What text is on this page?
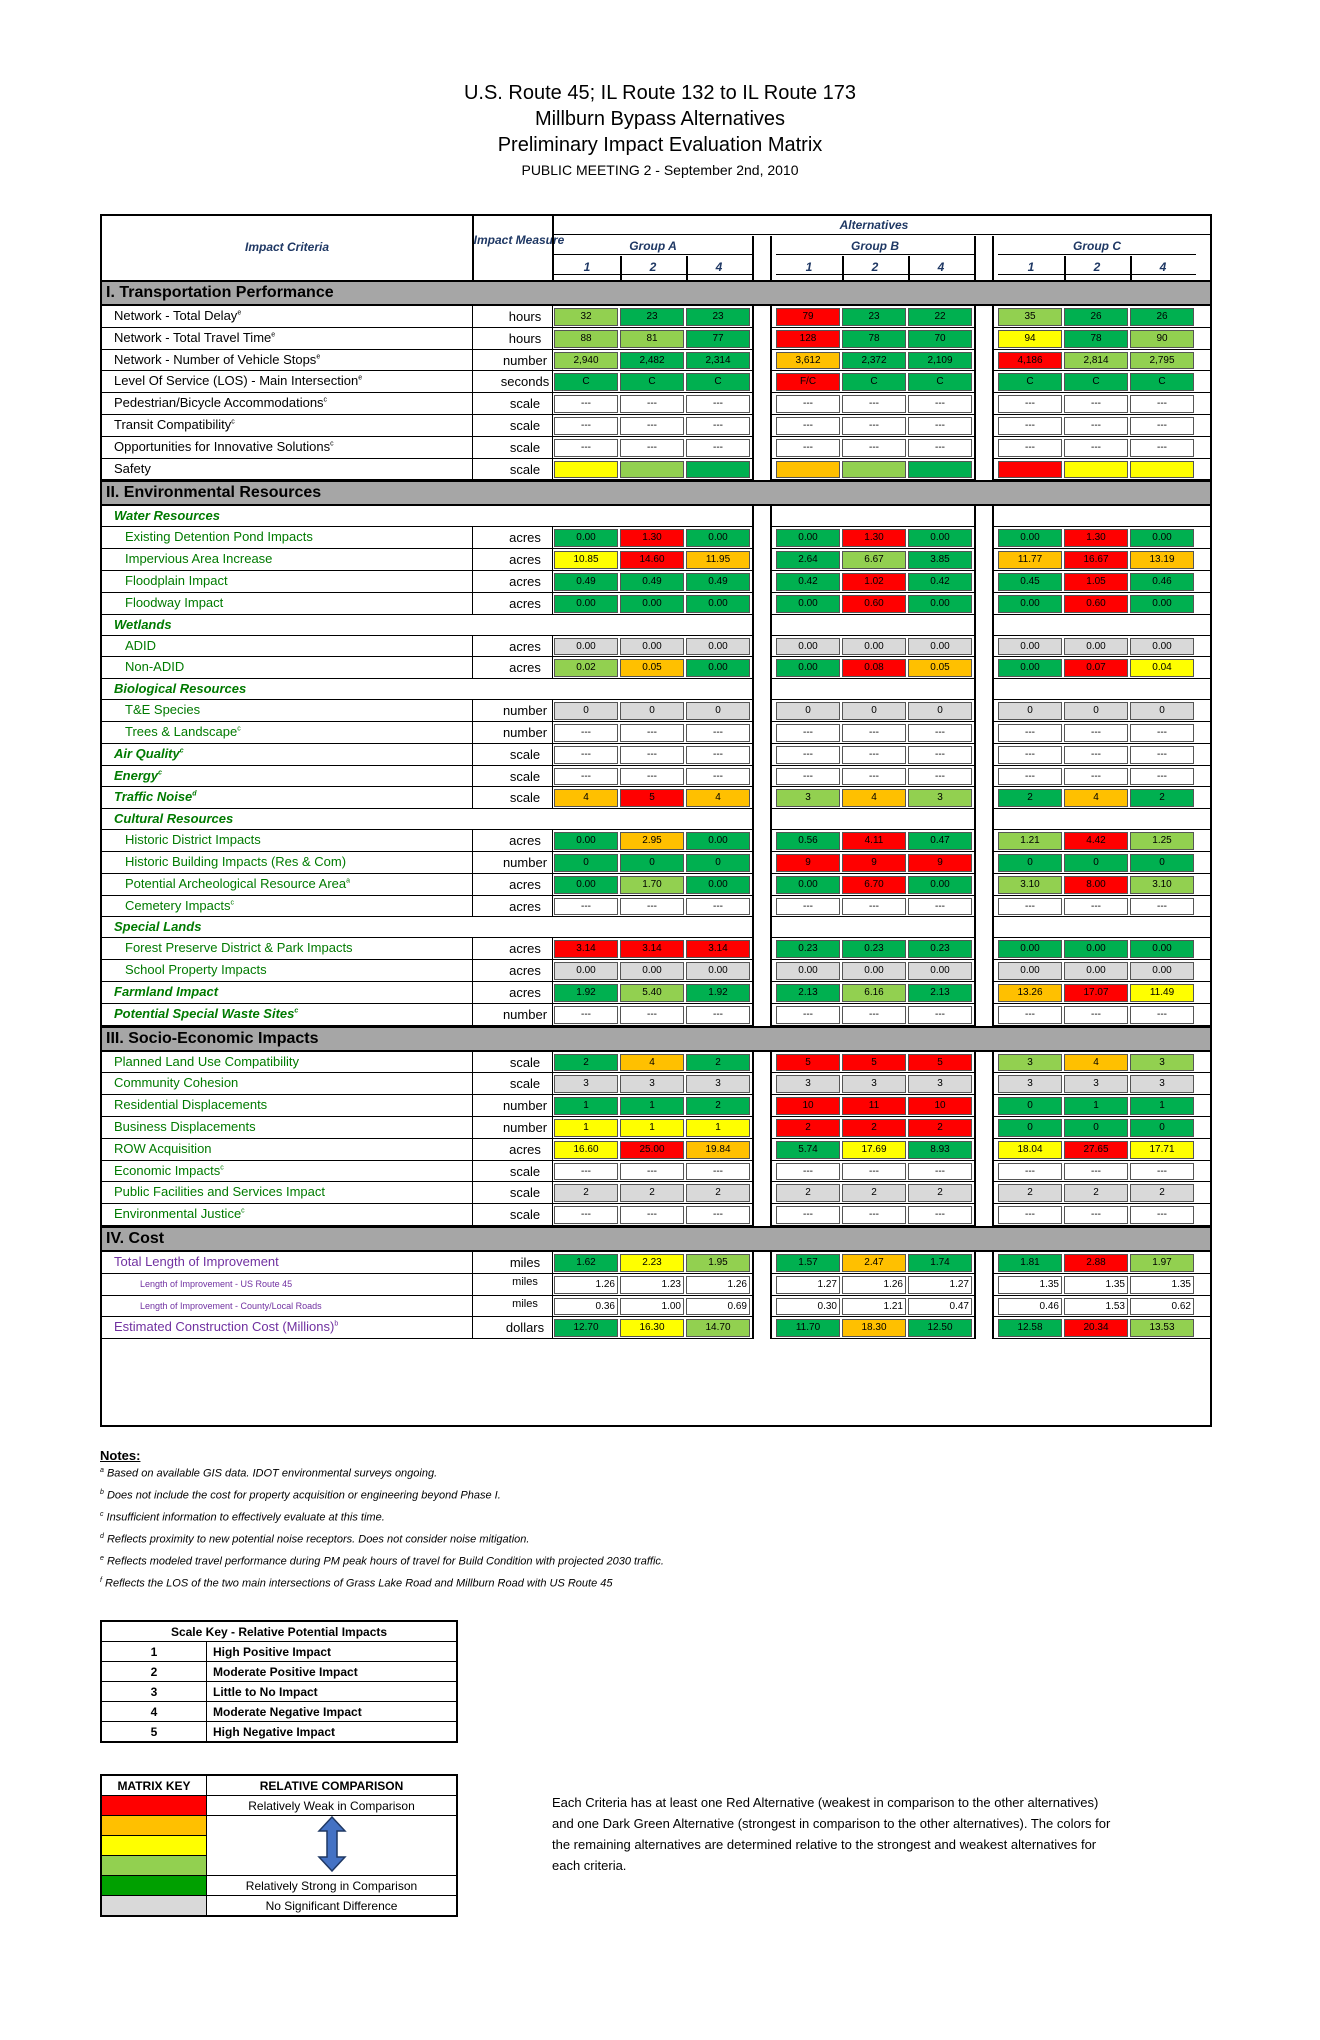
U.S. Route 45; IL Route 132 to IL Route 173
Millburn Bypass Alternatives
Preliminary Impact Evaluation Matrix
PUBLIC MEETING 2 - September 2nd, 2010
Impact Criteria	Impact Measure
Alternatives
Group A	Group B	Group C
1	2	4	1	2	4	1	2	4
I. Transportation Performance
Network - Total Delay$^e$	hours	32	23	23	79	23	22	35	26	26
Network - Total Travel Time$^e$	hours	88	81	77	128	78	70	94	78	90
Network - Number of Vehicle Stops$^e$	number	2,940	2,482	2,314	3,612	2,372	2,109	4,186	2,814	2,795
Level Of Service (LOS) - Main Intersection$^e$	seconds	C	C	C	F/C	C	C	C	C	C
Pedestrian/Bicycle Accommodations$^c$	scale	---	---	---	---	---	---	---	---	---
Transit Compatibility$^c$	scale	---	---	---	---	---	---	---	---	---
Opportunities for Innovative Solutions$^c$	scale	---	---	---	---	---	---	---	---	---
Safety	scale
II. Environmental Resources
Water Resources
Existing Detention Pond Impacts	acres	0.00	1.30	0.00	0.00	1.30	0.00	0.00	1.30	0.00
Impervious Area Increase	acres	10.85	14.60	11.95	2.64	6.67	3.85	11.77	16.67	13.19
Floodplain Impact	acres	0.49	0.49	0.49	0.42	1.02	0.42	0.45	1.05	0.46
Floodway Impact	acres	0.00	0.00	0.00	0.00	0.60	0.00	0.00	0.60	0.00
Wetlands
ADID	acres	0.00	0.00	0.00	0.00	0.00	0.00	0.00	0.00	0.00
Non-ADID	acres	0.02	0.05	0.00	0.00	0.08	0.05	0.00	0.07	0.04
Biological Resources
T&E Species	number	0	0	0	0	0	0	0	0	0
Trees & Landscape$^c$	number	---	---	---	---	---	---	---	---	---
Air Quality$^c$	scale	---	---	---	---	---	---	---	---	---
Energy$^c$	scale	---	---	---	---	---	---	---	---	---
Traffic Noise$^d$	scale	4	5	4	3	4	3	2	4	2
Cultural Resources
Historic District Impacts	acres	0.00	2.95	0.00	0.56	4.11	0.47	1.21	4.42	1.25
Historic Building Impacts (Res & Com)	number	0	0	0	9	9	9	0	0	0
Potential Archeological Resource Area$^a$	acres	0.00	1.70	0.00	0.00	6.70	0.00	3.10	8.00	3.10
Cemetery Impacts$^c$	acres	---	---	---	---	---	---	---	---	---
Special Lands
Forest Preserve District & Park Impacts	acres	3.14	3.14	3.14	0.23	0.23	0.23	0.00	0.00	0.00
School Property Impacts	acres	0.00	0.00	0.00	0.00	0.00	0.00	0.00	0.00	0.00
Farmland Impact	acres	1.92	5.40	1.92	2.13	6.16	2.13	13.26	17.07	11.49
Potential Special Waste Sites$^c$	number	---	---	---	---	---	---	---	---	---
III. Socio-Economic Impacts
Planned Land Use Compatibility	scale	2	4	2	5	5	5	3	4	3
Community Cohesion	scale	3	3	3	3	3	3	3	3	3
Residential Displacements	number	1	1	2	10	11	10	0	1	1
Business Displacements	number	1	1	1	2	2	2	0	0	0
ROW Acquisition	acres	16.60	25.00	19.84	5.74	17.69	8.93	18.04	27.65	17.71
Economic Impacts$^c$	scale	---	---	---	---	---	---	---	---	---
Public Facilities and Services Impact	scale	2	2	2	2	2	2	2	2	2
Environmental Justice$^c$	scale	---	---	---	---	---	---	---	---	---
IV. Cost
Total Length of Improvement	miles	1.62	2.23	1.95	1.57	2.47	1.74	1.81	2.88	1.97
Length of Improvement - US Route 45	miles	1.26	1.23	1.26	1.27	1.26	1.27	1.35	1.35	1.35
Length of Improvement - County/Local Roads	miles	0.36	1.00	0.69	0.30	1.21	0.47	0.46	1.53	0.62
Estimated Construction Cost (Millions)$^b$	dollars	12.70	16.30	14.70	11.70	18.30	12.50	12.58	20.34	13.53
Notes:
$^a$ Based on available GIS data. IDOT environmental surveys ongoing.
$^b$ Does not include the cost for property acquisition or engineering beyond Phase I.
$^c$ Insufficient information to effectively evaluate at this time.
$^d$ Reflects proximity to new potential noise receptors. Does not consider noise mitigation.
$^e$ Reflects modeled travel performance during PM peak hours of travel for Build Condition with projected 2030 traffic.
$^f$ Reflects the LOS of the two main intersections of Grass Lake Road and Millburn Road with US Route 45
Scale Key - Relative Potential Impacts	
1	High Positive Impact
2	Moderate Positive Impact
3	Little to No Impact
4	Moderate Negative Impact
5	High Negative Impact
MATRIX KEY	RELATIVE COMPARISON
	Relatively Weak in Comparison

	Relatively Strong in Comparison
	No Significant Difference
Each Criteria has at least one Red Alternative (weakest in comparison to the other alternatives) and one Dark Green Alternative (strongest in comparison to the other alternatives). The colors for the remaining alternatives are determined relative to the strongest and weakest alternatives for each criteria.
